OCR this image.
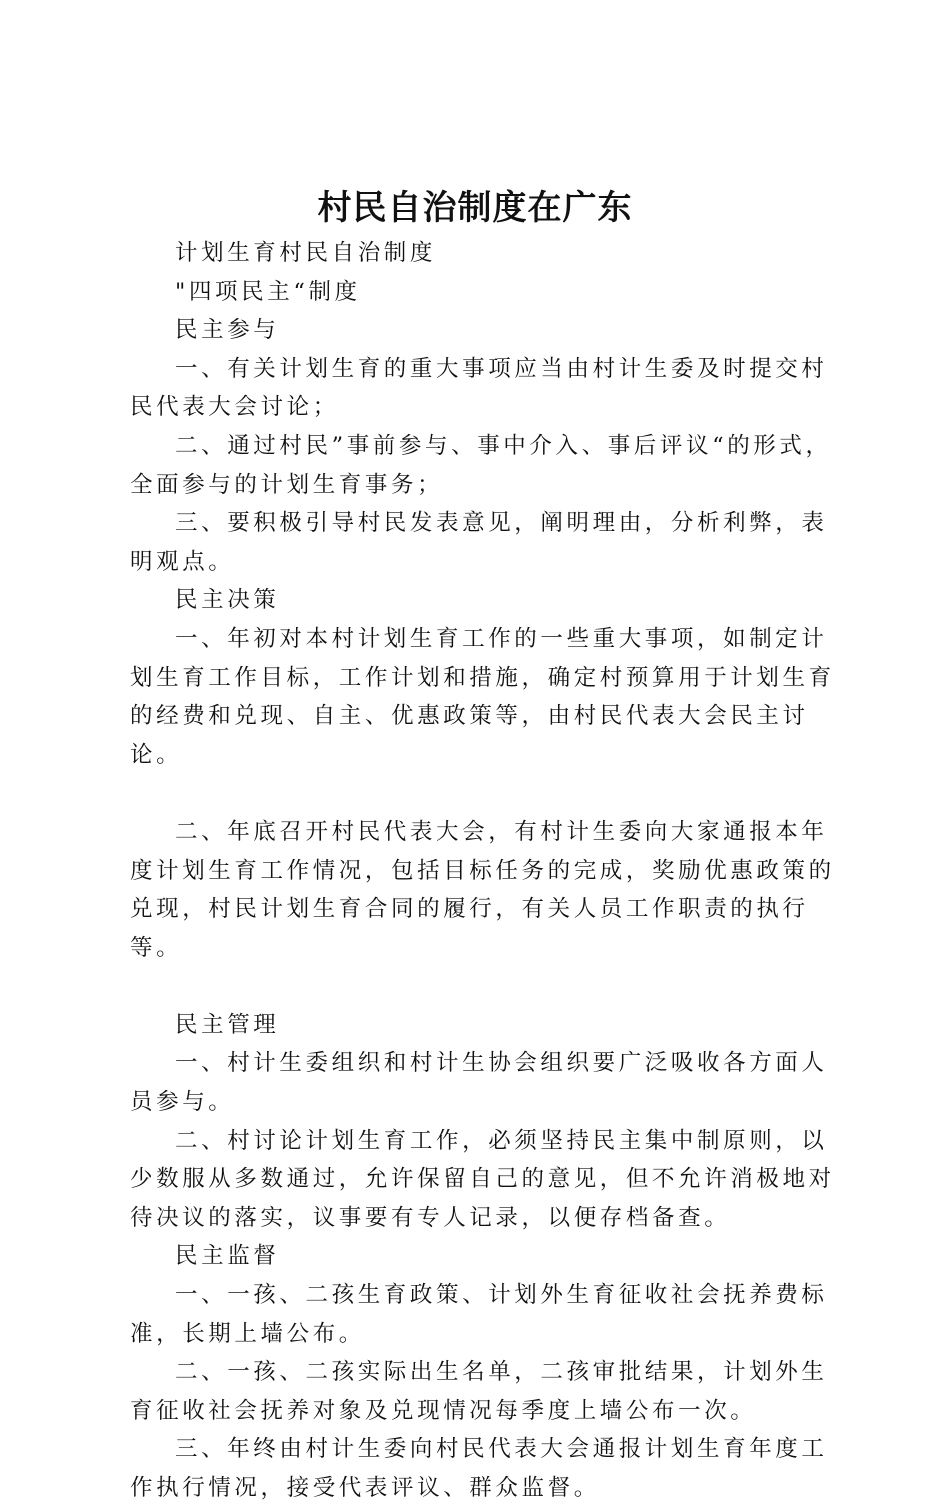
村民自治制度在广东

计划生育村民自治制度

"四项民主“制度

民主参与

一、有关计划生育的重大事项应当由村计生委及时提交村民代表大会讨论；

二、通过村民”事前参与、事中介入、事后评议“的形式，全面参与的计划生育事务；

三、要积极引导村民发表意见，阐明理由，分析利弊，表明观点。

民主决策

一、年初对本村计划生育工作的一些重大事项，如制定计划生育工作目标，工作计划和措施，确定村预算用于计划生育的经费和兑现、自主、优惠政策等，由村民代表大会民主讨论。

二、年底召开村民代表大会，有村计生委向大家通报本年度计划生育工作情况，包括目标任务的完成，奖励优惠政策的兑现，村民计划生育合同的履行，有关人员工作职责的执行等。

民主管理

一、村计生委组织和村计生协会组织要广泛吸收各方面人员参与。

二、村讨论计划生育工作，必须坚持民主集中制原则，以少数服从多数通过，允许保留自己的意见，但不允许消极地对待决议的落实，议事要有专人记录，以便存档备查。

民主监督

一、一孩、二孩生育政策、计划外生育征收社会抚养费标准，长期上墙公布。

二、一孩、二孩实际出生名单，二孩审批结果，计划外生育征收社会抚养对象及兑现情况每季度上墙公布一次。

三、年终由村计生委向村民代表大会通报计划生育年度工作执行情况，接受代表评议、群众监督。
